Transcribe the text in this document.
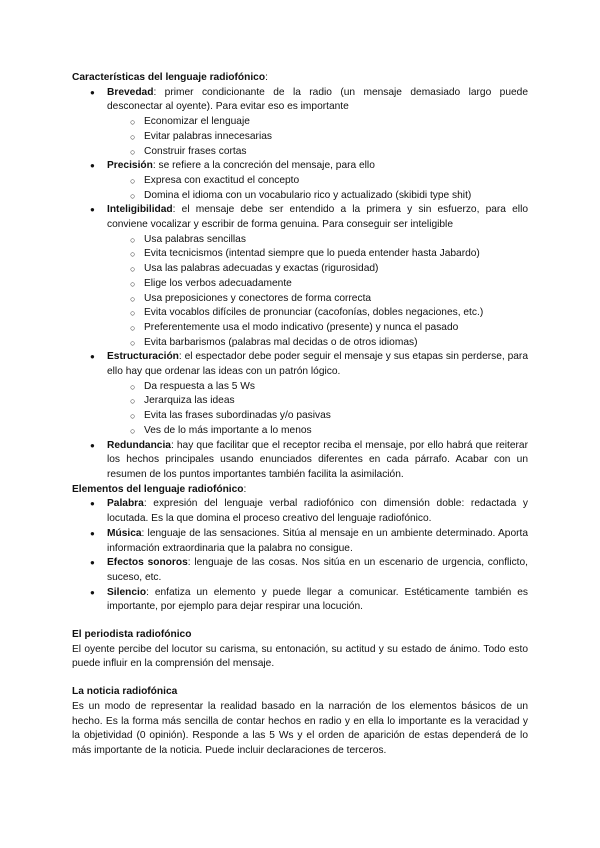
Características del lenguaje radiofónico:
● Brevedad: primer condicionante de la radio (un mensaje demasiado largo puede desconectar al oyente). Para evitar eso es importante
○ Economizar el lenguaje
○ Evitar palabras innecesarias
○ Construir frases cortas
● Precisión: se refiere a la concreción del mensaje, para ello
○ Expresa con exactitud el concepto
○ Domina el idioma con un vocabulario rico y actualizado (skibidi type shit)
● Inteligibilidad: el mensaje debe ser entendido a la primera y sin esfuerzo, para ello conviene vocalizar y escribir de forma genuina. Para conseguir ser inteligible
○ Usa palabras sencillas
○ Evita tecnicismos (intentad siempre que lo pueda entender hasta Jabardo)
○ Usa las palabras adecuadas y exactas (rigurosidad)
○ Elige los verbos adecuadamente
○ Usa preposiciones y conectores de forma correcta
○ Evita vocablos difíciles de pronunciar (cacofonías, dobles negaciones, etc.)
○ Preferentemente usa el modo indicativo (presente) y nunca el pasado
○ Evita barbarismos (palabras mal decidas o de otros idiomas)
● Estructuración: el espectador debe poder seguir el mensaje y sus etapas sin perderse, para ello hay que ordenar las ideas con un patrón lógico.
○ Da respuesta a las 5 Ws
○ Jerarquiza las ideas
○ Evita las frases subordinadas y/o pasivas
○ Ves de lo más importante a lo menos
● Redundancia: hay que facilitar que el receptor reciba el mensaje, por ello habrá que reiterar los hechos principales usando enunciados diferentes en cada párrafo. Acabar con un resumen de los puntos importantes también facilita la asimilación.
Elementos del lenguaje radiofónico:
● Palabra: expresión del lenguaje verbal radiofónico con dimensión doble: redactada y locutada. Es la que domina el proceso creativo del lenguaje radiofónico.
● Música: lenguaje de las sensaciones. Sitúa al mensaje en un ambiente determinado. Aporta información extraordinaria que la palabra no consigue.
● Efectos sonoros: lenguaje de las cosas. Nos sitúa en un escenario de urgencia, conflicto, suceso, etc.
● Silencio: enfatiza un elemento y puede llegar a comunicar. Estéticamente también es importante, por ejemplo para dejar respirar una locución.
El periodista radiofónico
El oyente percibe del locutor su carisma, su entonación, su actitud y su estado de ánimo. Todo esto puede influir en la comprensión del mensaje.
La noticia radiofónica
Es un modo de representar la realidad basado en la narración de los elementos básicos de un hecho. Es la forma más sencilla de contar hechos en radio y en ella lo importante es la veracidad y la objetividad (0 opinión). Responde a las 5 Ws y el orden de aparición de estas dependerá de lo más importante de la noticia. Puede incluir declaraciones de terceros.
